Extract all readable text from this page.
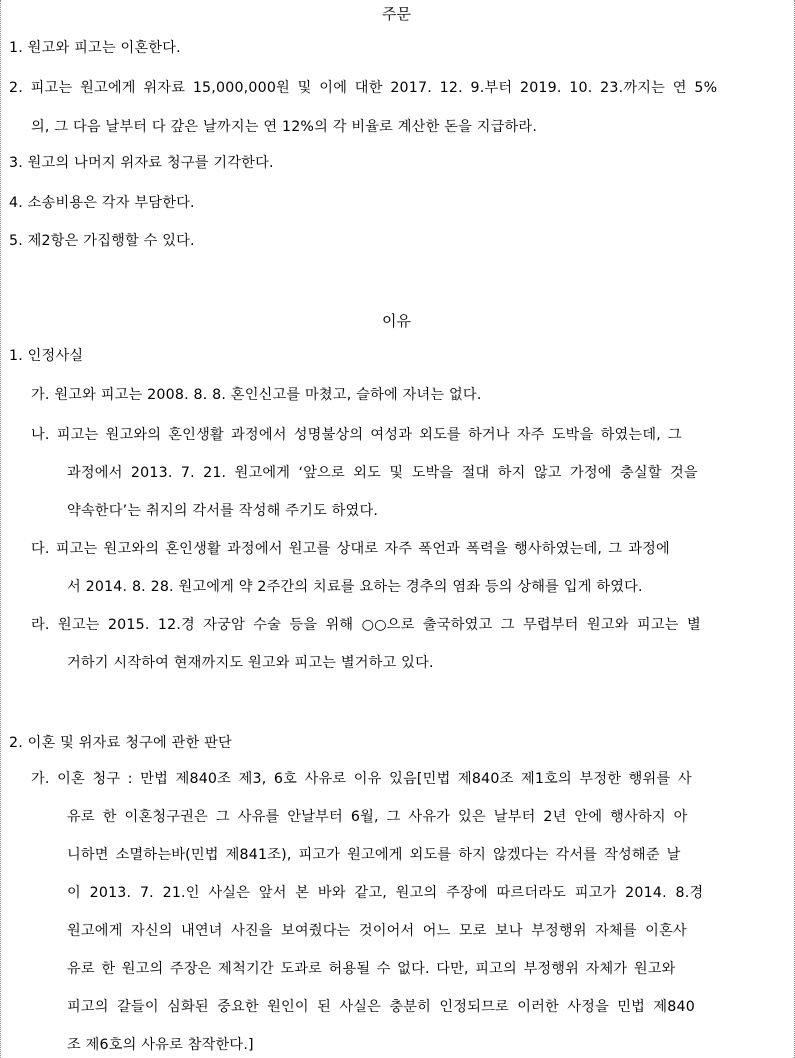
주문
1. 원고와 피고는 이혼한다.
2. 피고는 원고에게 위자료 15,000,000원 및 이에 대한 2017. 12. 9.부터 2019. 10. 23.까지는 연 5%
의, 그 다음 날부터 다 갚은 날까지는 연 12%의 각 비율로 계산한 돈을 지급하라.
3. 원고의 나머지 위자료 청구를 기각한다.
4. 소송비용은 각자 부담한다.
5. 제2항은 가집행할 수 있다.
이유
1. 인정사실
가. 원고와 피고는 2008. 8. 8. 혼인신고를 마쳤고, 슬하에 자녀는 없다.
나. 피고는 원고와의 혼인생활 과정에서 성명불상의 여성과 외도를 하거나 자주 도박을 하였는데, 그
과정에서 2013. 7. 21. 원고에게 ‘앞으로 외도 및 도박을 절대 하지 않고 가정에 충실할 것을
약속한다’는 취지의 각서를 작성해 주기도 하였다.
다. 피고는 원고와의 혼인생활 과정에서 원고를 상대로 자주 폭언과 폭력을 행사하였는데, 그 과정에
서 2014. 8. 28. 원고에게 약 2주간의 치료를 요하는 경추의 염좌 등의 상해를 입게 하였다.
라. 원고는 2015. 12.경 자궁암 수술 등을 위해 ○○으로 출국하였고 그 무렵부터 원고와 피고는 별
거하기 시작하여 현재까지도 원고와 피고는 별거하고 있다.
2. 이혼 및 위자료 청구에 관한 판단
가. 이혼 청구 : 만법 제840조 제3, 6호 사유로 이유 있음[민법 제840조 제1호의 부정한 행위를 사
유로 한 이혼청구권은 그 사유를 안날부터 6월, 그 사유가 있은 날부터 2년 안에 행사하지 아
니하면 소멸하는바(민법 제841조), 피고가 원고에게 외도를 하지 않겠다는 각서를 작성해준 날
이 2013. 7. 21.인 사실은 앞서 본 바와 같고, 원고의 주장에 따르더라도 피고가 2014. 8.경
원고에게 자신의 내연녀 사진을 보여줬다는 것이어서 어느 모로 보나 부정행위 자체를 이혼사
유로 한 원고의 주장은 제척기간 도과로 허용될 수 없다. 다만, 피고의 부정행위 자체가 원고와
피고의 갈들이 심화된 중요한 원인이 된 사실은 충분히 인정되므로 이러한 사정을 민법 제840
조 제6호의 사유로 참작한다.]
